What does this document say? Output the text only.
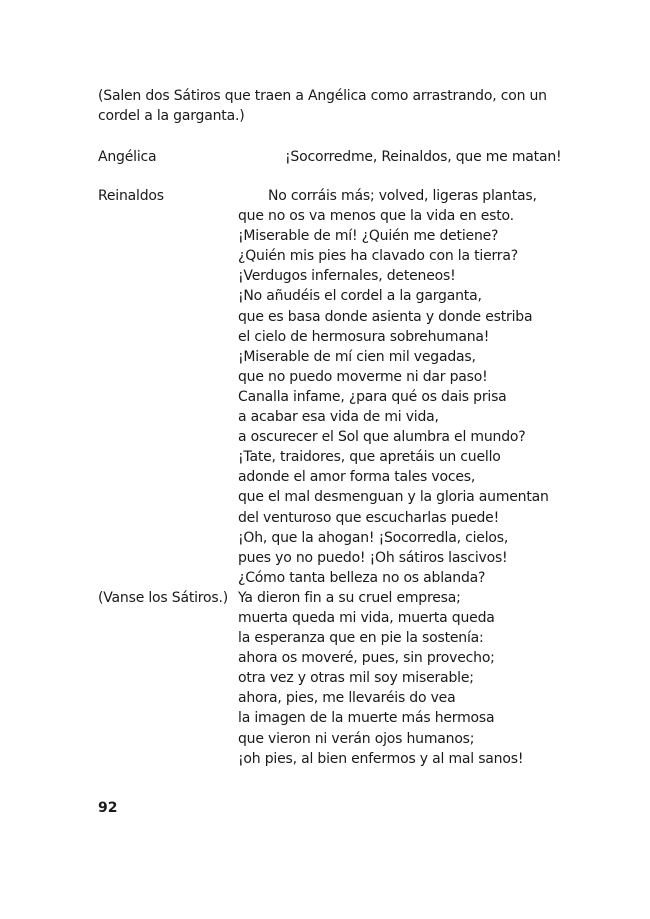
(Salen dos Sátiros que traen a Angélica como arrastrando, con un cordel a la garganta.)
Angélica	¡Socorredme, Reinaldos, que me matan!
Reinaldos	No corráis más; volved, ligeras plantas,
que no os va menos que la vida en esto.
¡Miserable de mí! ¿Quién me detiene?
¿Quién mis pies ha clavado con la tierra?
¡Verdugos infernales, deteneos!
¡No añudéis el cordel a la garganta,
que es basa donde asienta y donde estriba
el cielo de hermosura sobrehumana!
¡Miserable de mí cien mil vegadas,
que no puedo moverme ni dar paso!
Canalla infame, ¿para qué os dais prisa
a acabar esa vida de mi vida,
a oscurecer el Sol que alumbra el mundo?
¡Tate, traidores, que apretáis un cuello
adonde el amor forma tales voces,
que el mal desmenguan y la gloria aumentan
del venturoso que escucharlas puede!
¡Oh, que la ahogan! ¡Socorredla, cielos,
pues yo no puedo! ¡Oh sátiros lascivos!
¿Cómo tanta belleza no os ablanda?
Ya dieron fin a su cruel empresa;
muerta queda mi vida, muerta queda
la esperanza que en pie la sostenía:
ahora os moveré, pues, sin provecho;
otra vez y otras mil soy miserable;
ahora, pies, me llevaréis do vea
la imagen de la muerte más hermosa
que vieron ni verán ojos humanos;
¡oh pies, al bien enfermos y al mal sanos!
(Vanse los Sátiros.)
92
